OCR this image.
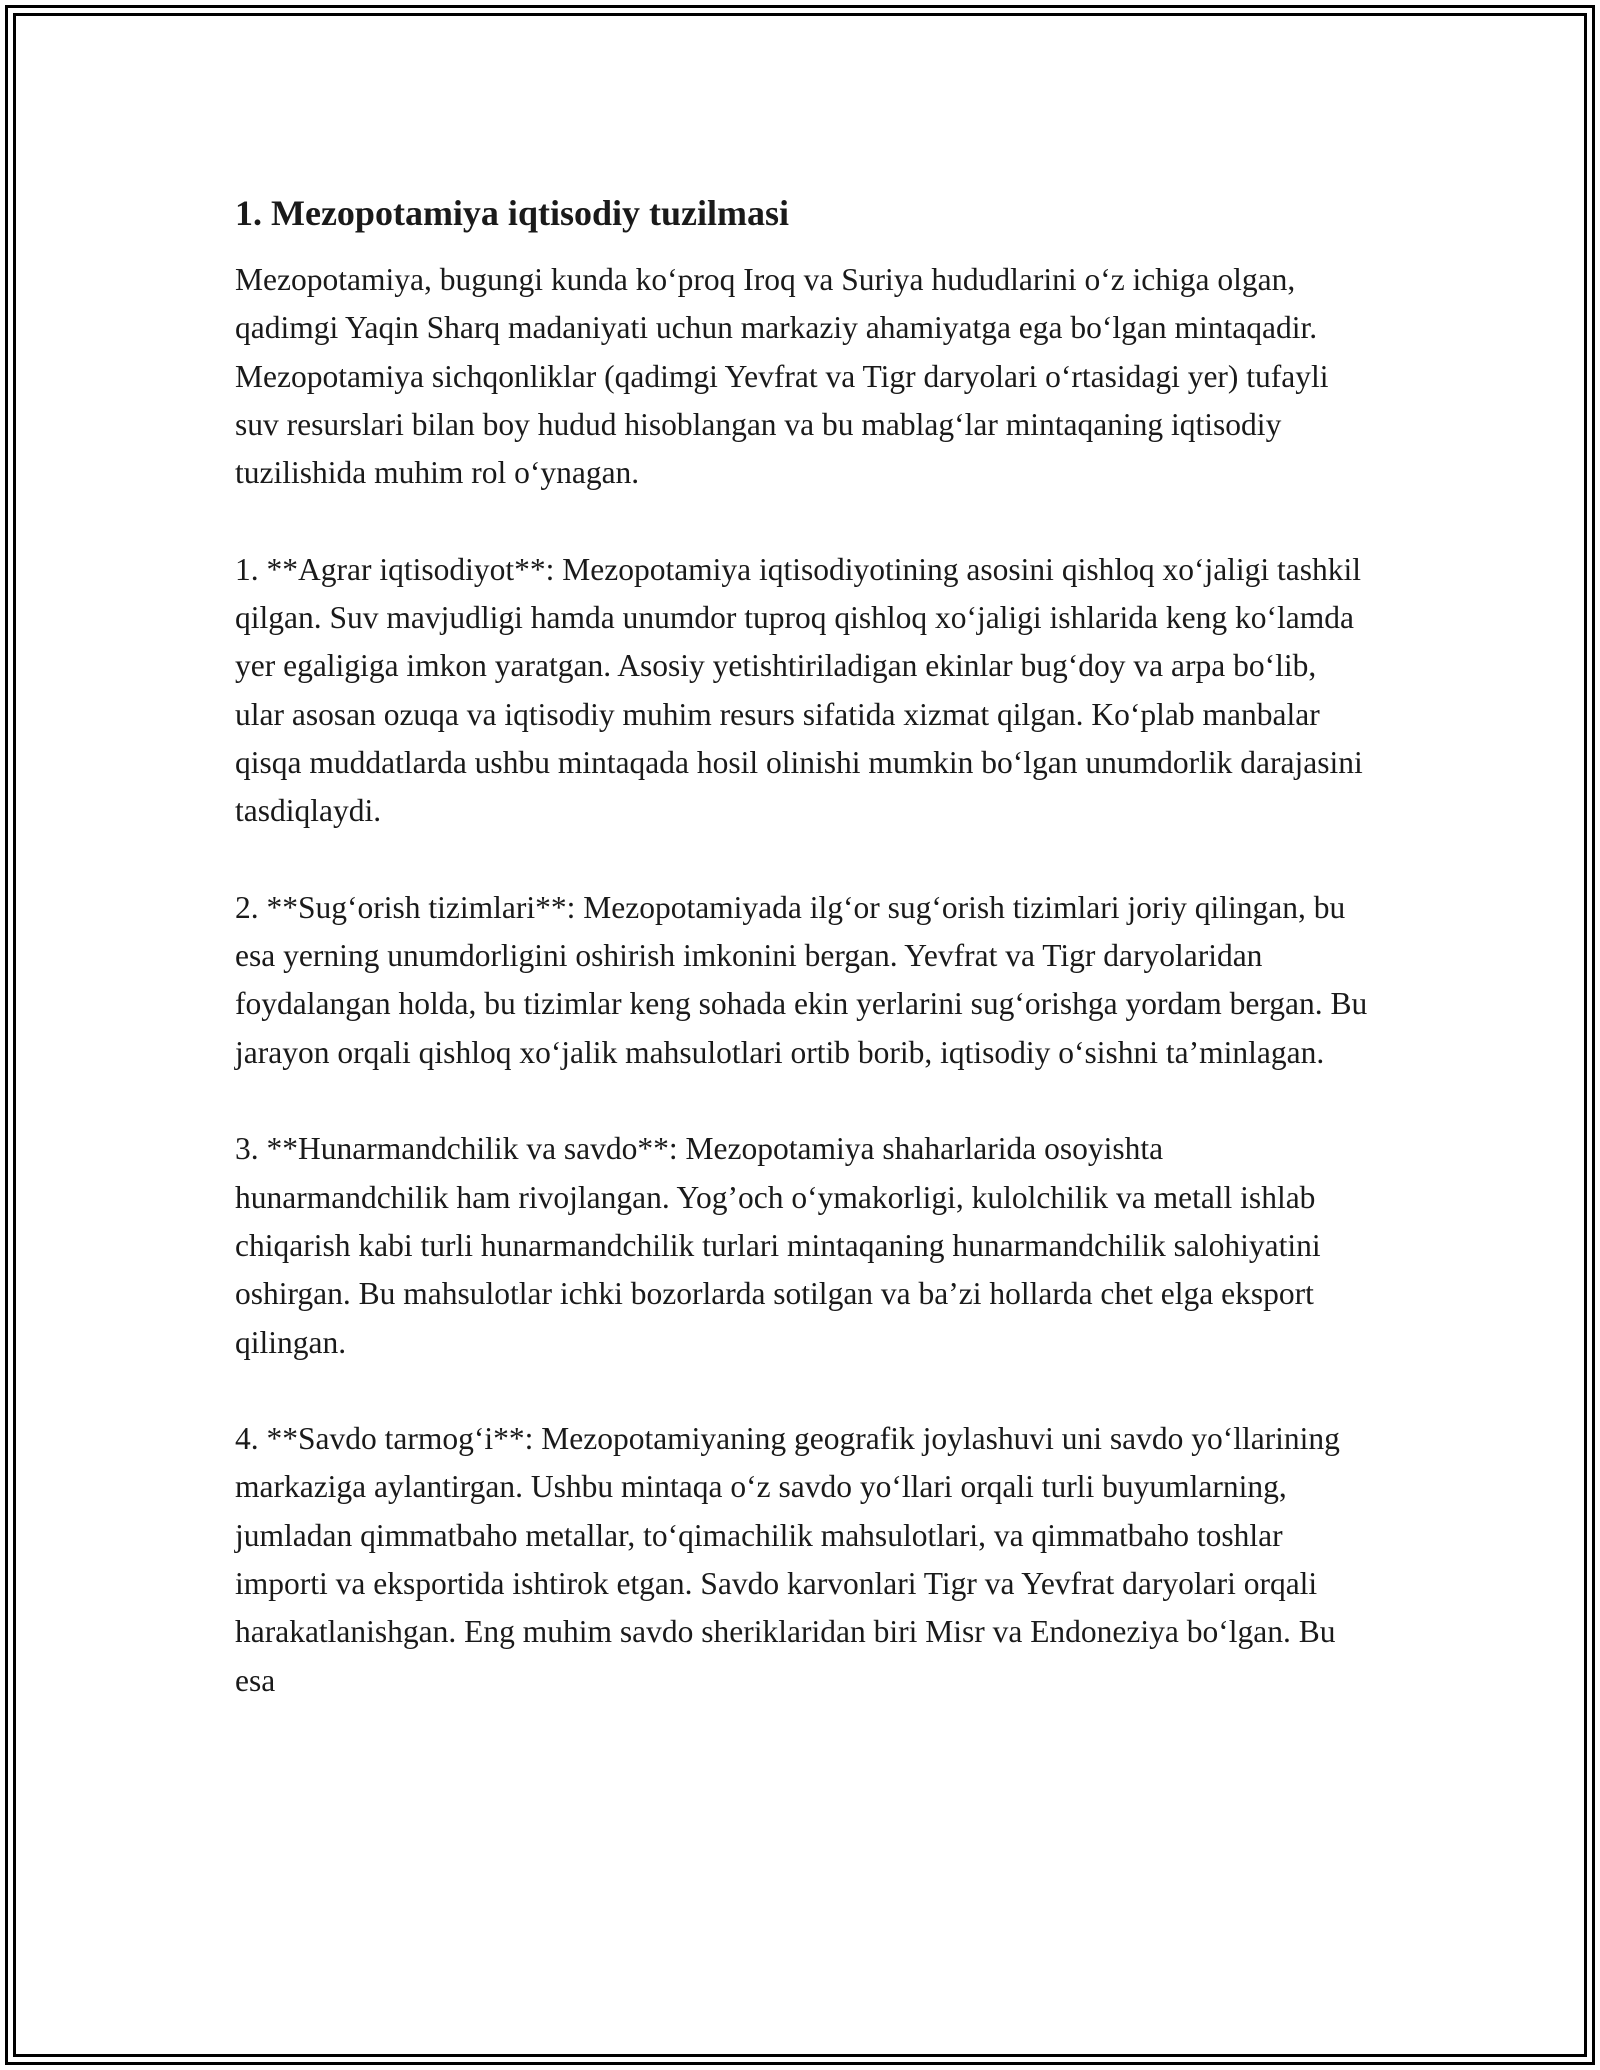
1. Mezopotamiya iqtisodiy tuzilmasi

Mezopotamiya, bugungi kunda ko‘proq Iroq va Suriya hududlarini o‘z ichiga olgan, qadimgi Yaqin Sharq madaniyati uchun markaziy ahamiyatga ega bo‘lgan mintaqadir. Mezopotamiya sichqonliklar (qadimgi Yevfrat va Tigr daryolari o‘rtasidagi yer) tufayli suv resurslari bilan boy hudud hisoblangan va bu mablag‘lar mintaqaning iqtisodiy tuzilishida muhim rol o‘ynagan.

1. **Agrar iqtisodiyot**: Mezopotamiya iqtisodiyotining asosini qishloq xo‘jaligi tashkil qilgan. Suv mavjudligi hamda unumdor tuproq qishloq xo‘jaligi ishlarida keng ko‘lamda yer egaligiga imkon yaratgan. Asosiy yetishtiriladigan ekinlar bug‘doy va arpa bo‘lib, ular asosan ozuqa va iqtisodiy muhim resurs sifatida xizmat qilgan. Ko‘plab manbalar qisqa muddatlarda ushbu mintaqada hosil olinishi mumkin bo‘lgan unumdorlik darajasini tasdiqlaydi.

2. **Sug‘orish tizimlari**: Mezopotamiyada ilg‘or sug‘orish tizimlari joriy qilingan, bu esa yerning unumdorligini oshirish imkonini bergan. Yevfrat va Tigr daryolaridan foydalangan holda, bu tizimlar keng sohada ekin yerlarini sug‘orishga yordam bergan. Bu jarayon orqali qishloq xo‘jalik mahsulotlari ortib borib, iqtisodiy o‘sishni ta’minlagan.

3. **Hunarmandchilik va savdo**: Mezopotamiya shaharlarida osoyishta hunarmandchilik ham rivojlangan. Yog’och o‘ymakorligi, kulolchilik va metall ishlab chiqarish kabi turli hunarmandchilik turlari mintaqaning hunarmandchilik salohiyatini oshirgan. Bu mahsulotlar ichki bozorlarda sotilgan va ba’zi hollarda chet elga eksport qilingan.

4. **Savdo tarmog‘i**: Mezopotamiyaning geografik joylashuvi uni savdo yo‘llarining markaziga aylantirgan. Ushbu mintaqa o‘z savdo yo‘llari orqali turli buyumlarning, jumladan qimmatbaho metallar, to‘qimachilik mahsulotlari, va qimmatbaho toshlar importi va eksportida ishtirok etgan. Savdo karvonlari Tigr va Yevfrat daryolari orqali harakatlanishgan. Eng muhim savdo sheriklaridan biri Misr va Endoneziya bo‘lgan. Bu esa
